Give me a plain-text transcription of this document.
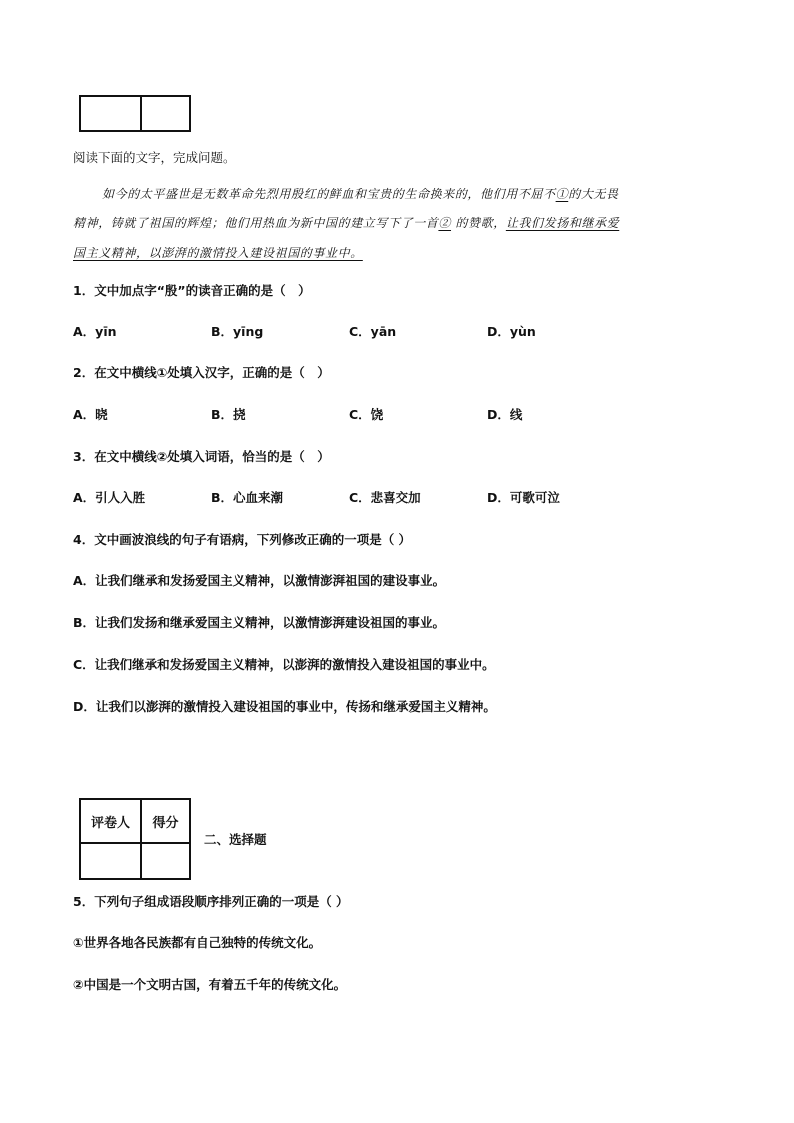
阅读下面的文字，完成问题。
如今的太平盛世是无数革命先烈用殷红的鲜血和宝贵的生命换来的，他们用不屈不①的大无畏
精神，铸就了祖国的辉煌；他们用热血为新中国的建立写下了一首② 的赞歌，让我们发扬和继承爱
国主义精神，以澎湃的激情投入建设祖国的事业中。
1．文中加点字“殷”的读音正确的是（　）
A．yīn	B．yīng	C．yān	D．yùn
2．在文中横线①处填入汉字，正确的是（　）
A．晓	B．挠	C．饶	D．线
3．在文中横线②处填入词语，恰当的是（　）
A．引人入胜	B．心血来潮	C．悲喜交加	D．可歌可泣
4．文中画波浪线的句子有语病，下列修改正确的一项是（ ）
A．让我们继承和发扬爱国主义精神，以激情澎湃祖国的建设事业。
B．让我们发扬和继承爱国主义精神，以激情澎湃建设祖国的事业。
C．让我们继承和发扬爱国主义精神，以澎湃的激情投入建设祖国的事业中。
D．让我们以澎湃的激情投入建设祖国的事业中，传扬和继承爱国主义精神。
评卷人	得分

二、选择题
5．下列句子组成语段顺序排列正确的一项是（ ）
①世界各地各民族都有自己独特的传统文化。
②中国是一个文明古国，有着五千年的传统文化。
